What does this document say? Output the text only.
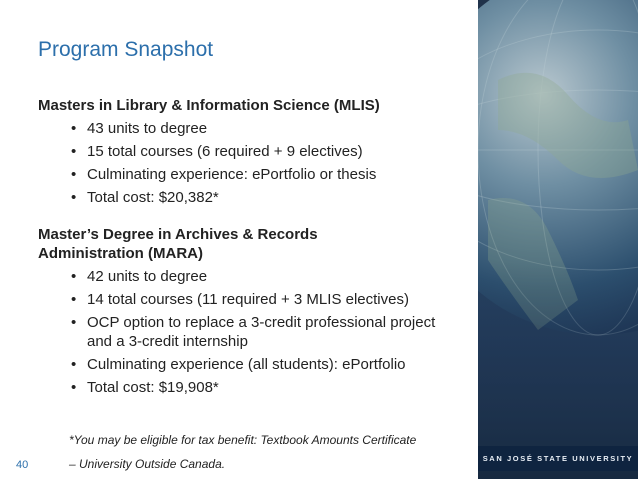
Program Snapshot
Masters in Library & Information Science (MLIS)
• 43 units to degree
• 15 total courses (6 required + 9 electives)
• Culminating experience: ePortfolio or thesis
• Total cost: $20,382*
Master’s Degree in Archives & Records
Administration (MARA)
• 42 units to degree
• 14 total courses (11 required + 3 MLIS electives)
• OCP option to replace a 3-credit professional project and a 3-credit internship
• Culminating experience (all students): ePortfolio
• Total cost: $19,908*
*You may be eligible for tax benefit: Textbook Amounts Certificate
– University Outside Canada.
40
SAN JOSÉ STATE UNIVERSITY
